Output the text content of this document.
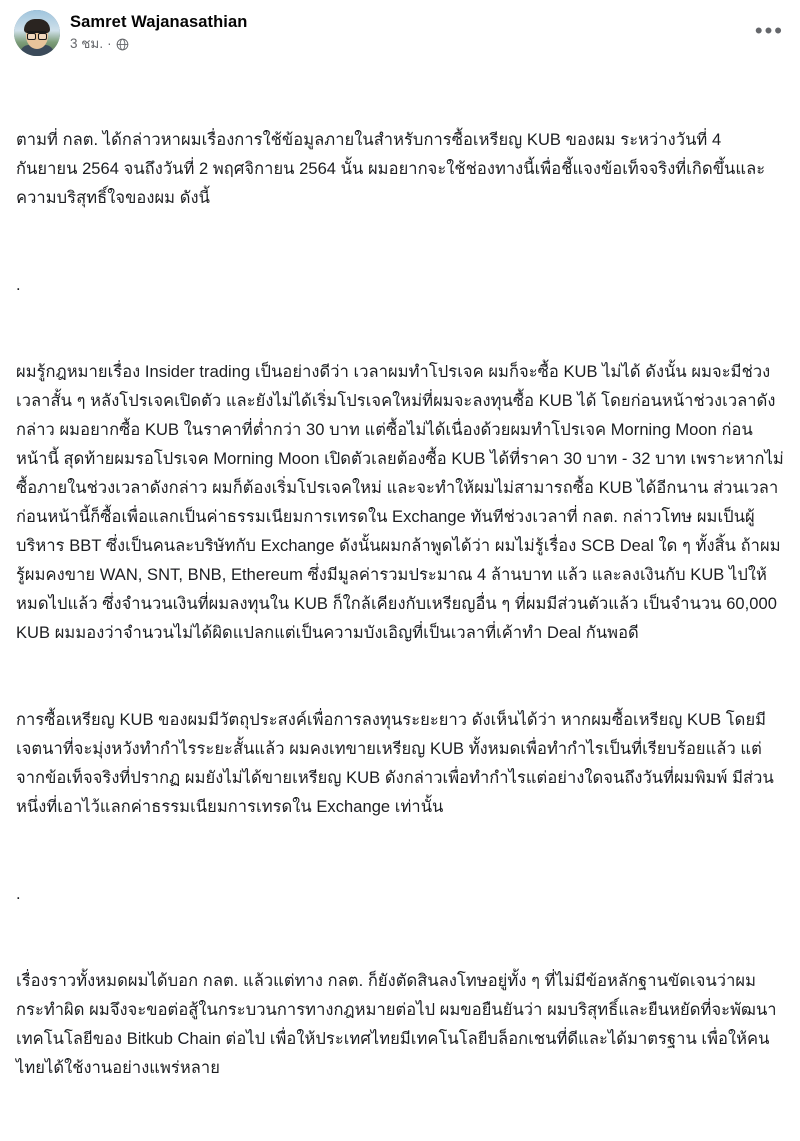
Samret Wajanasathian
3 ชม. ·
•••

ตามที่ กลต. ได้กล่าวหาผมเรื่องการใช้ข้อมูลภายในสำหรับการซื้อเหรียญ KUB ของผม ระหว่างวันที่ 4 กันยายน 2564 จนถึงวันที่ 2 พฤศจิกายน 2564 นั้น ผมอยากจะใช้ช่องทางนี้เพื่อชี้แจงข้อเท็จจริงที่เกิดขึ้นและความบริสุทธิ์ใจของผม ดังนี้

.

ผมรู้กฎหมายเรื่อง Insider trading เป็นอย่างดีว่า เวลาผมทำโปรเจค ผมก็จะซื้อ KUB ไม่ได้ ดังนั้น ผมจะมีช่วงเวลาสั้น ๆ หลังโปรเจคเปิดตัว และยังไม่ได้เริ่มโปรเจคใหม่ที่ผมจะลงทุนซื้อ KUB ได้ โดยก่อนหน้าช่วงเวลาดังกล่าว ผมอยากซื้อ KUB ในราคาที่ต่ำกว่า 30 บาท แต่ซื้อไม่ได้เนื่องด้วยผมทำโปรเจค Morning Moon ก่อนหน้านี้ สุดท้ายผมรอโปรเจค Morning Moon เปิดตัวเลยต้องซื้อ KUB ได้ที่ราคา 30 บาท - 32 บาท เพราะหากไม่ซื้อภายในช่วงเวลาดังกล่าว ผมก็ต้องเริ่มโปรเจคใหม่ และจะทำให้ผมไม่สามารถซื้อ KUB ได้อีกนาน ส่วนเวลาก่อนหน้านี้ก็ซื้อเพื่อแลกเป็นค่าธรรมเนียมการเทรดใน Exchange ทันทีช่วงเวลาที่ กลต. กล่าวโทษ ผมเป็นผู้บริหาร BBT ซึ่งเป็นคนละบริษัทกับ Exchange ดังนั้นผมกล้าพูดได้ว่า ผมไม่รู้เรื่อง SCB Deal ใด ๆ ทั้งสิ้น ถ้าผมรู้ผมคงขาย WAN, SNT, BNB, Ethereum ซึ่งมีมูลค่ารวมประมาณ 4 ล้านบาท แล้ว และลงเงินกับ KUB ไปให้หมดไปแล้ว ซึ่งจำนวนเงินที่ผมลงทุนใน KUB ก็ใกล้เคียงกับเหรียญอื่น ๆ ที่ผมมีส่วนตัวแล้ว เป็นจำนวน 60,000 KUB ผมมองว่าจำนวนไม่ได้ผิดแปลกแต่เป็นความบังเอิญที่เป็นเวลาที่เค้าทำ Deal กันพอดี

การซื้อเหรียญ KUB ของผมมีวัตถุประสงค์เพื่อการลงทุนระยะยาว ดังเห็นได้ว่า หากผมซื้อเหรียญ KUB โดยมีเจตนาที่จะมุ่งหวังทำกำไรระยะสั้นแล้ว ผมคงเทขายเหรียญ KUB ทั้งหมดเพื่อทำกำไรเป็นที่เรียบร้อยแล้ว แต่จากข้อเท็จจริงที่ปรากฏ ผมยังไม่ได้ขายเหรียญ KUB ดังกล่าวเพื่อทำกำไรแต่อย่างใดจนถึงวันที่ผมพิมพ์ มีส่วนหนึ่งที่เอาไว้แลกค่าธรรมเนียมการเทรดใน Exchange เท่านั้น

.

เรื่องราวทั้งหมดผมได้บอก กลต. แล้วแต่ทาง กลต. ก็ยังตัดสินลงโทษอยู่ทั้ง ๆ ที่ไม่มีข้อหลักฐานขัดเจนว่าผมกระทำผิด ผมจึงจะขอต่อสู้ในกระบวนการทางกฎหมายต่อไป ผมขอยืนยันว่า ผมบริสุทธิ์และยืนหยัดที่จะพัฒนาเทคโนโลยีของ Bitkub Chain ต่อไป เพื่อให้ประเทศไทยมีเทคโนโลยีบล็อกเชนที่ดีและได้มาตรฐาน เพื่อให้คนไทยได้ใช้งานอย่างแพร่หลาย
